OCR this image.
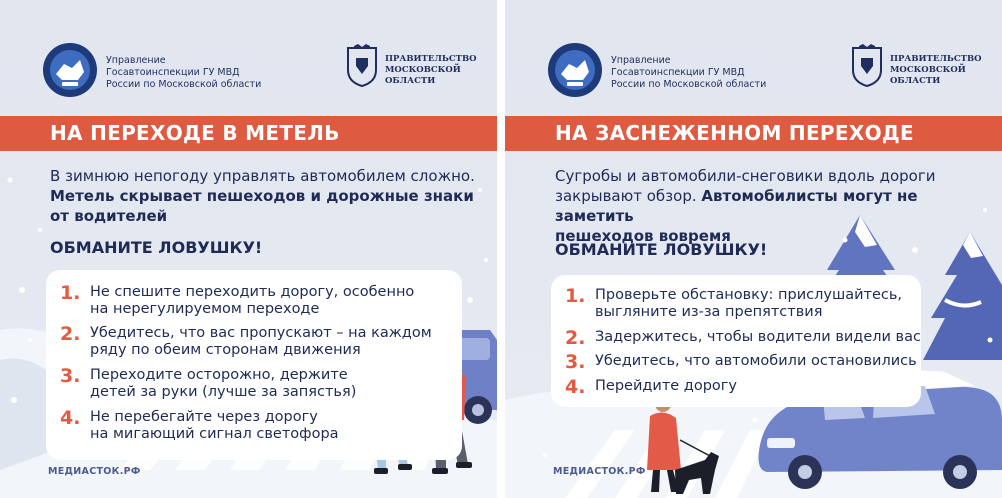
Управление
Госавтоинспекции ГУ МВД
России по Московской области
ПРАВИТЕЛЬСТВО
МОСКОВСКОЙ
ОБЛАСТИ
НА ПЕРЕХОДЕ В МЕТЕЛЬ

В зимнюю непогоду управлять автомобилем сложно.

Метель скрывает пешеходов и дорожные знаки

от водителей

ОБМАНИТЕ ЛОВУШКУ!
1. Не спешите переходить дорогу, особенно
на нерегулируемом переходе
2. Убедитесь, что вас пропускают – на каждом
ряду по обеим сторонам движения
3. Переходите осторожно, держите
детей за руки (лучше за запястья)
4. Не перебегайте через дорогу
на мигающий сигнал светофора
МЕДИАСТОК.РФ
Управление
Госавтоинспекции ГУ МВД
России по Московской области
ПРАВИТЕЛЬСТВО
МОСКОВСКОЙ
ОБЛАСТИ
НА ЗАСНЕЖЕННОМ ПЕРЕХОДЕ

Сугробы и автомобили-снеговики вдоль дороги

закрывают обзор. Автомобилисты могут не заметить

пешеходов вовремя

ОБМАНИТЕ ЛОВУШКУ!
1. Проверьте обстановку: прислушайтесь,
выгляните из-за препятствия
2. Задержитесь, чтобы водители видели вас
3. Убедитесь, что автомобили остановились
4. Перейдите дорогу
МЕДИАСТОК.РФ
